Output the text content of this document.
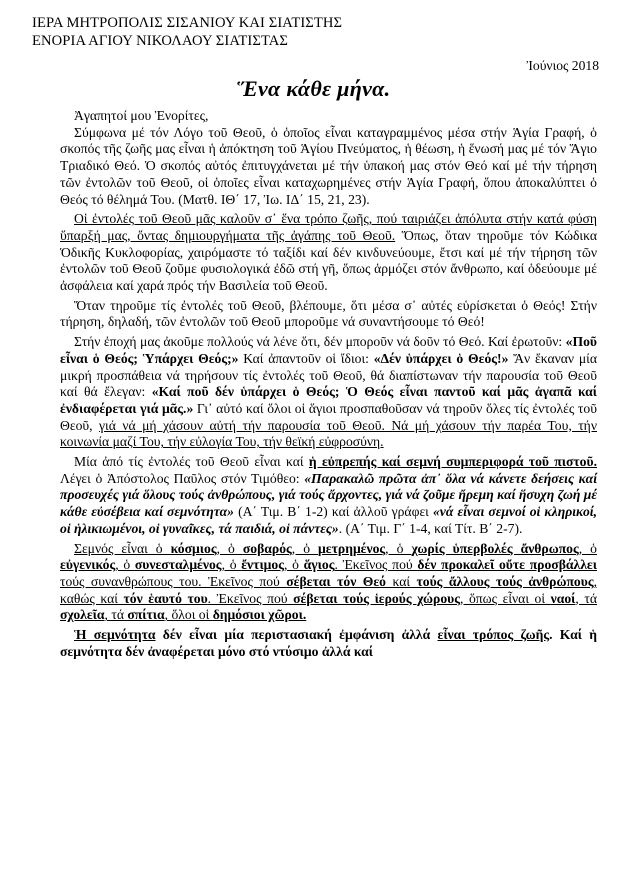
ΙΕΡΑ ΜΗΤΡΟΠΟΛΙΣ ΣΙΣΑΝΙΟΥ ΚΑΙ ΣΙΑΤΙΣΤΗΣ
ΕΝΟΡΙΑ ΑΓΙΟΥ ΝΙΚΟΛΑΟΥ ΣΙΑΤΙΣΤΑΣ
Ἰούνιος 2018
Ἕνα κάθε μήνα.

Ἀγαπητοί μου Ἐνορίτες,

Σύμφωνα μέ τόν Λόγο τοῦ Θεοῦ, ὁ ὁποῖος εἶναι καταγραμμένος μέσα στήν Ἁγία Γραφή, ὁ σκοπός τῆς ζωῆς μας εἶναι ἡ ἀπόκτηση τοῦ Ἁγίου Πνεύματος, ἡ θέωση, ἡ ἕνωσή μας μέ τόν Ἅγιο Τριαδικό Θεό. Ὁ σκοπός αὐτός ἐπιτυγχάνεται μέ τήν ὑπακοή μας στόν Θεό καί μέ τήν τήρηση τῶν ἐντολῶν τοῦ Θεοῦ, οἱ ὁποῖες εἶναι καταχωρημένες στήν Ἁγία Γραφή, ὅπου ἀποκαλύπτει ὁ Θεός τό θέλημά Του. (Ματθ. ΙΘ΄ 17, Ἰω. ΙΔ΄ 15, 21, 23).

Οἱ ἐντολές τοῦ Θεοῦ μᾶς καλοῦν σ᾽ ἕνα τρόπο ζωῆς, πού ταιριάζει ἀπόλυτα στήν κατά φύση ὕπαρξή μας, ὄντας δημιουργήματα τῆς ἀγάπης τοῦ Θεοῦ. Ὅπως, ὅταν τηροῦμε τόν Κώδικα Ὁδικῆς Κυκλοφορίας, χαιρόμαστε τό ταξίδι καί δέν κινδυνεύουμε, ἔτσι καί μέ τήν τήρηση τῶν ἐντολῶν τοῦ Θεοῦ ζοῦμε φυσιολογικά ἐδῶ στή γῆ, ὅπως ἁρμόζει στόν ἄνθρωπο, καί ὁδεύουμε μέ ἀσφάλεια καί χαρά πρός τήν Βασιλεία τοῦ Θεοῦ.

Ὅταν τηροῦμε τίς ἐντολές τοῦ Θεοῦ, βλέπουμε, ὅτι μέσα σ᾽ αὐτές εὑρίσκεται ὁ Θεός! Στήν τήρηση, δηλαδή, τῶν ἐντολῶν τοῦ Θεοῦ μποροῦμε νά συναντήσουμε τό Θεό!

Στήν ἐποχή μας ἀκοῦμε πολλούς νά λένε ὅτι, δέν μποροῦν νά δοῦν τό Θεό. Καί ἐρωτοῦν: «Ποῦ εἶναι ὁ Θεός; Ὑπάρχει Θεός;» Καί ἀπαντοῦν οἱ ἴδιοι: «Δέν ὑπάρχει ὁ Θεός!» Ἄν ἔκαναν μία μικρή προσπάθεια νά τηρήσουν τίς ἐντολές τοῦ Θεοῦ, θά διαπίστωναν τήν παρουσία τοῦ Θεοῦ καί θά ἔλεγαν: «Καί ποῦ δέν ὑπάρχει ὁ Θεός; Ὁ Θεός εἶναι παντοῦ καί μᾶς ἀγαπᾶ καί ἐνδιαφέρεται γιά μᾶς.» Γι᾽ αὐτό καί ὅλοι οἱ ἅγιοι προσπαθοῦσαν νά τηροῦν ὅλες τίς ἐντολές τοῦ Θεοῦ, γιά νά μή χάσουν αὐτή τήν παρουσία τοῦ Θεοῦ. Νά μή χάσουν τήν παρέα Του, τήν κοινωνία μαζί Του, τήν εὐλογία Του, τήν θεϊκή εὐφροσύνη.

Μία ἀπό τίς ἐντολές τοῦ Θεοῦ εἶναι καί ἡ εὐπρεπής καί σεμνή συμπεριφορά τοῦ πιστοῦ. Λέγει ὁ Ἀπόστολος Παῦλος στόν Τιμόθεο: «Παρακαλῶ πρῶτα ἀπ᾽ ὅλα νά κάνετε δεήσεις καί προσευχές γιά ὅλους τούς ἀνθρώπους, γιά τούς ἄρχοντες, γιά νά ζοῦμε ἤρεμη καί ἥσυχη ζωή μέ κάθε εὐσέβεια καί σεμνότητα» (Α΄ Τιμ. Β΄ 1-2) καί ἀλλοῦ γράφει «νά εἶναι σεμνοί οἱ κληρικοί, οἱ ἡλικιωμένοι, οἱ γυναῖκες, τά παιδιά, οἱ πάντες». (Α΄ Τιμ. Γ΄ 1-4, καί Τίτ. Β΄ 2-7).

Σεμνός εἶναι ὁ κόσμιος, ὁ σοβαρός, ὁ μετρημένος, ὁ χωρίς ὑπερβολές ἄνθρωπος, ὁ εὐγενικός, ὁ συνεσταλμένος, ὁ ἔντιμος, ὁ ἅγιος. Ἐκεῖνος πού δέν προκαλεῖ οὔτε προσβάλλει τούς συνανθρώπους του. Ἐκεῖνος πού σέβεται τόν Θεό καί τούς ἄλλους τούς ἀνθρώπους, καθώς καί τόν ἑαυτό του. Ἐκεῖνος πού σέβεται τούς ἱερούς χώρους, ὅπως εἶναι οἱ ναοί, τά σχολεῖα, τά σπίτια, ὅλοι οἱ δημόσιοι χῶροι.

Ἡ σεμνότητα δέν εἶναι μία περιστασιακή ἐμφάνιση ἀλλά εἶναι τρόπος ζωῆς. Καί ἡ σεμνότητα δέν ἀναφέρεται μόνο στό ντύσιμο ἀλλά καί
